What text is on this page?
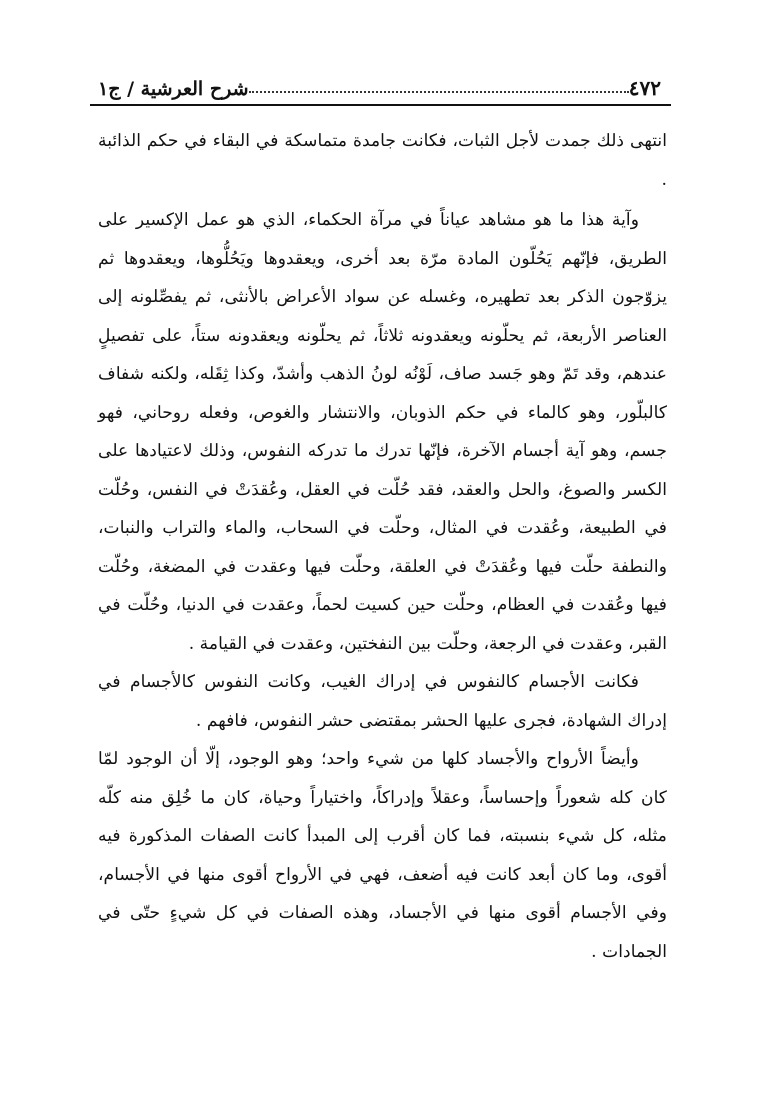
٤٧٢
شرح العرشية / ج١

انتهى ذلك جمدت لأجل الثبات، فكانت جامدة متماسكة في البقاء في حكم الذائبة .

وآية هذا ما هو مشاهد عياناً في مرآة الحكماء، الذي هو عمل الإكسير على الطريق، فإنّهم يَحُلّون المادة مرّة بعد أخرى، ويعقدوها ويَحُلُّوها، ويعقدوها ثم يزوّجون الذكر بعد تطهيره، وغسله عن سواد الأعراض بالأنثى، ثم يفصِّلونه إلى العناصر الأربعة، ثم يحلّونه ويعقدونه ثلاثاً، ثم يحلّونه ويعقدونه ستاً، على تفصيلٍ عندهم، وقد تَمّ وهو جَسد صاف، لَوْنُه لونُ الذهب وأشدّ، وكذا ثِقَله، ولكنه شفاف كالبلّور، وهو كالماء في حكم الذوبان، والانتشار والغوص، وفعله روحاني، فهو جسم، وهو آية أجسام الآخرة، فإنّها تدرك ما تدركه النفوس، وذلك لاعتيادها على الكسر والصوغ، والحل والعقد، فقد حُلّت في العقل، وعُقدَتْ في النفس، وحُلّت في الطبيعة، وعُقدت في المثال، وحلّت في السحاب، والماء والتراب والنبات، والنطفة حلّت فيها وعُقدَتْ في العلقة، وحلّت فيها وعقدت في المضغة، وحُلّت فيها وعُقدت في العظام، وحلّت حين كسيت لحماً، وعقدت في الدنيا، وحُلّت في القبر، وعقدت في الرجعة، وحلّت بين النفختين، وعقدت في القيامة .

فكانت الأجسام كالنفوس في إدراك الغيب، وكانت النفوس كالأجسام في إدراك الشهادة، فجرى عليها الحشر بمقتضى حشر النفوس، فافهم .

وأيضاً الأرواح والأجساد كلها من شيء واحد؛ وهو الوجود، إلّا أن الوجود لمّا كان كله شعوراً وإحساساً، وعقلاً وإدراكاً، واختياراً وحياة، كان ما خُلِق منه كلّه مثله، كل شيء بنسبته، فما كان أقرب إلى المبدأ كانت الصفات المذكورة فيه أقوى، وما كان أبعد كانت فيه أضعف، فهي في الأرواح أقوى منها في الأجسام، وفي الأجسام أقوى منها في الأجساد، وهذه الصفات في كل شيءٍ حتّى في الجمادات .
